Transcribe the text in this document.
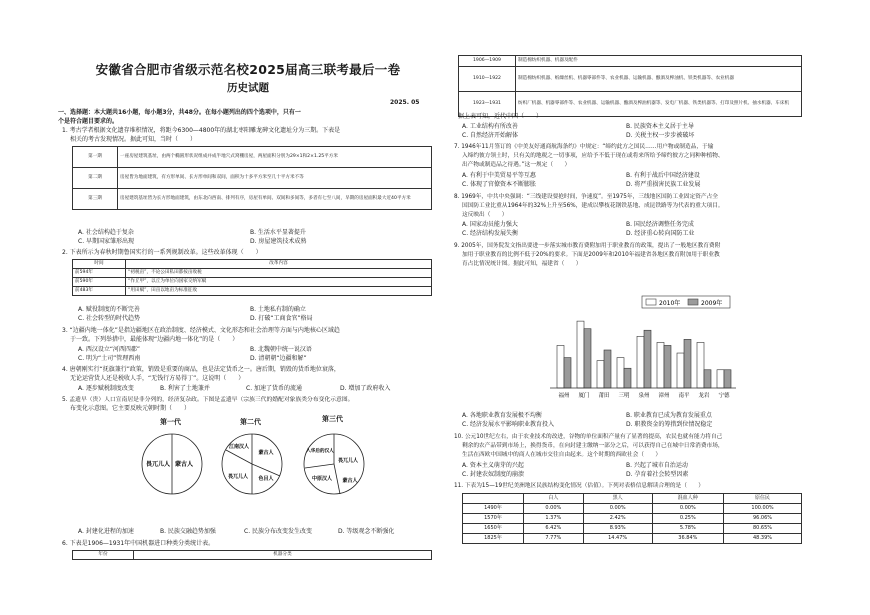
安徽省合肥市省级示范名校2025届高三联考最后一卷
历史试题
2025. 05
一、选择题：本大题共16小题，每小题3分，共48分。在每小题列出的四个选项中，只有一
个是符合题目要求的。
1. 考古学者根据文化遗存堆积情况，将距今6300—4800年的湖北枣阳雕龙碑文化遗址分为三期。下表是
相关的考古发现情况。据此可知，当时（　　）
第一期	一座房屋建筑基址，由两个椭圆形状况组成并成半地穴式窝棚房屋，两屋面积分别为29×1和2×1.25平方米
第二期	房屋皆为地面建筑，有方形单间、长方形单间和双间，面积为十多平方米至几十平方米不等
第三期	房屋建筑基址皆为长方形地面建筑，由东北向西南、排列有序，房屋有单间、双间和多间等，多者有七至八间，早期的房屋面积最大近40平方米
A. 社会结构趋于复杂	B. 生活水平显著提升
C. 早期国家雏形出现	D. 房屋建筑技术成熟
2. 下表所示为春秋时期鲁国实行的一系列规制改革。这些改革体现（　　）
时间	改革内容
前594年	“初税亩”，不论公田私田都按亩收税
前590年	“作丘甲”，以丘为单位向国家交纳军赋
前483年	“用田赋”，田亩以地亩为标准征收
A. 赋役制度的不断完善	B. 土地私有制的确立
C. 社会转型的时代趋势	D. 打破“工商食官”格局
3. “边疆内地一体化”是指边疆地区在政治制度、经济模式、文化形态和社会治理等方面与内地核心区域趋
于一致。下列举措中，最能体现“边疆内地一体化”的是（　　）
A. 西汉设立“河西四郡”	B. 北魏朝中统一说汉语
C. 明为“土司”管理西南	D. 清朝朝“边疆和解”
4. 唐朝刚实行“抚旗兼行”政策，销毁是重要的商品，也是法定货币之一。唐后期，销毁的货币地位衰落，
无论运营货人还是税收人手，“无钱行方易得丁”。这说明（　　）
A. 逐步赋税制度改变	B. 利害了土地兼并	C. 加速了货币的流通	D. 增加了政府收入
5. 孟遗早（贵）人口宣南居是非分列的，经济复杂政。下图是孟遗早（宗族三代的婚配对象族类分布变化示意图。
布变化示意图。它主要反映元朝时期（　　）
第一代	第二代	第三代
蒙古人
畏兀儿人
江南汉人
蒙古人
色目人
畏兀儿人
入华后的汉人
畏兀儿人
中原汉人 蒙古人
A. 封建化进程的加速	B. 民族交融趋势加强	C. 民族分布改变发生改变	D. 等级观念不断强化
6. 下表是1906—1931年中国机器进口种类分类统计表。
年份	机器分类
1906—1909	制造棉纺织机器、机器及配件
1910—1922	制造棉纺织机器、纸缫丝机、机器零部件等、农业机器、运输机器、酿酒及榨油机、铁类机器等、农业机器
1923—1931	纺织厂机器、机器零部件等、农业机器、运输机器、酿酒及榨油机器等、发电厂机器、铁类机器等、打印及照片机、抽水机器、车床机
据上表可知，近代中国（　　）
A. 工业结构有所改善	B. 民族资本主义居于主导
C. 自然经济开始解体	D. 关税主权一步步被破坏
7. 1946年11月签订的《中美友好通商航海条约》中规定：“缔约此方之国民……用户物或制造品，于输
入缔约彼方领土时，只有关的地税之一切事项，应给予不低于现在或将来所给予缔约彼方之同种种植物、
出产物或制造品之待遇。”这一规定（　　）
A. 有利于中美贸易平等互惠	B. 有利于战后中国经济建设
C. 体现了官僚资本不断膨胀	D. 将严重损害民族工业发展
8. 1969年，中共中央强调：“三线建设要抢时间，争速度”。至1975年，三线地区国防工业固定资产占全
国国防工业比重从1964年的32%上升至56%，建成以攀枝花钢铁基地、成昆铁路等为代表的重大项目。
这反映出（　　）
A. 国家动员能力强大	B. 国民经济调整任务完成
C. 经济结构发展失衡	D. 经济重心转向国防工业
9. 2005年，国务院发文指出要进一步落实城市教育费附加用于职业教育的政策，提出了一般地区教育费附
加用于职业教育的比例不低于20%的要求。下面是2009年和2010年福建省各地区教育附加用于职业教
育占比情况统计图。据此可知，福建省（　　）
福州 厦门 莆田 三明 泉州 漳州 南平 龙岩 宁德
2010年	2009年
A. 各地职业教育发展极不均衡	B. 职业教育已成为教育发展重点
C. 经济发展水平影响职业教育投入	D. 职教资金的筹措到位情况稳定
10. 公元10世纪左右，由于农业技术的改进，谷物的单位面积产量有了显著的提高，农民也就有能力将自己
剩余的农产品带到市场上，换得货币，在向封建主缴纳一部分之后，可以获得自己在城中日常消费市场，
生活在西欧中国城中的商人在城市交往自由起来。这个时期的西欧社会（　　）
A. 资本主义萌芽的兴起	B. 兴起了城市自治运动
C. 封建农奴制度的崩溃	D. 孕育着社会转型因素
11. 下表为15—19世纪美洲地区民族结构变化情况（估值）。下列对表格信息解读合理的是（　　）
	白人	黑人	混血人种	原住民
1490年	0.00%	0.00%	0.00%	100.00%
1570年	1.37%	2.42%	0.25%	96.06%
1650年	6.42%	8.93%	5.78%	80.65%
1825年	7.77%	14.47%	36.84%	48.39%
